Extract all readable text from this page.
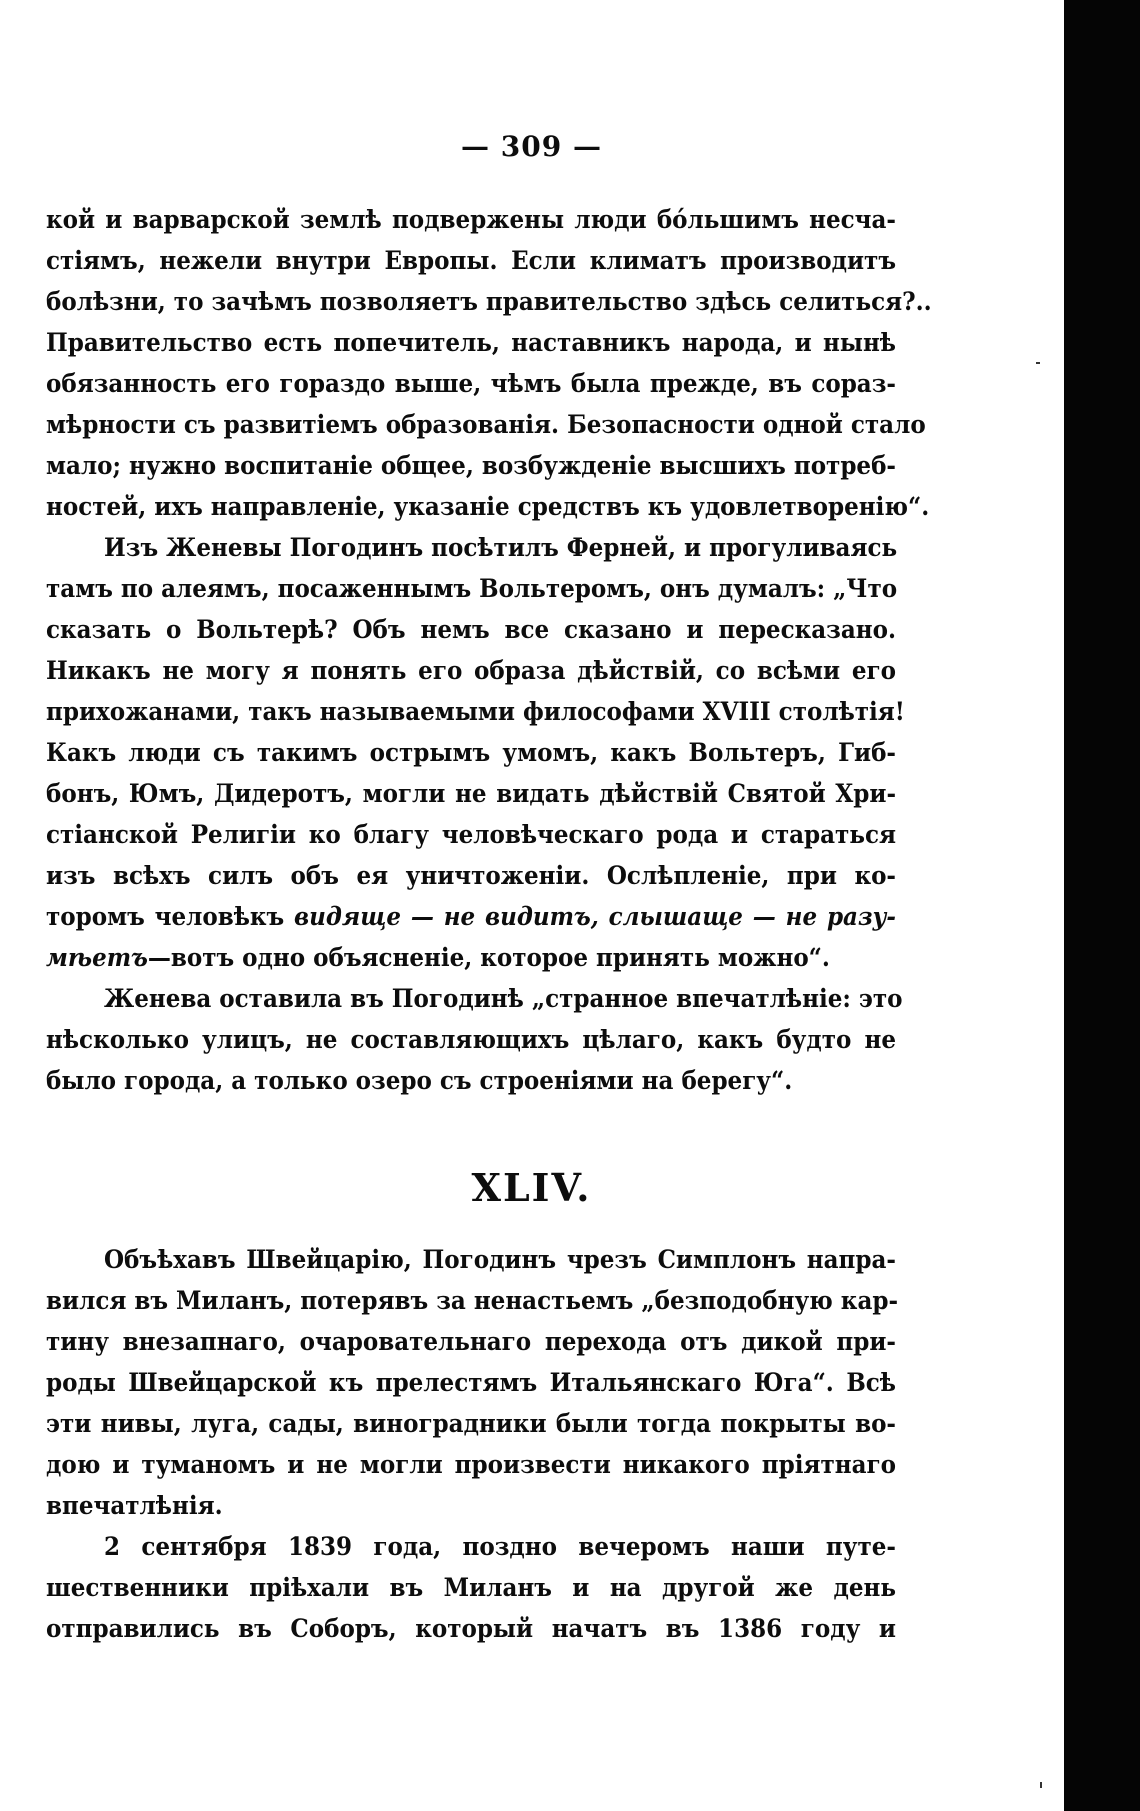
— 309 —
кой и варварской землѣ подвержены люди бо́льшимъ несча-
стіямъ, нежели внутри Европы. Если климатъ производитъ
болѣзни, то зачѣмъ позволяетъ правительство здѣсь селиться?..
Правительство есть попечитель, наставникъ народа, и нынѣ
обязанность его гораздо выше, чѣмъ была прежде, въ сораз-
мѣрности съ развитіемъ образованія. Безопасности одной стало
мало; нужно воспитаніе общее, возбужденіе высшихъ потреб-
ностей, ихъ направленіе, указаніе средствъ къ удовлетворенію“.
Изъ Женевы Погодинъ посѣтилъ Ферней, и прогуливаясь
тамъ по алеямъ, посаженнымъ Вольтеромъ, онъ думалъ: „Что
сказать о Вольтерѣ? Объ немъ все сказано и пересказано.
Никакъ не могу я понять его образа дѣйствій, со всѣми его
прихожанами, такъ называемыми философами XVIII столѣтія!
Какъ люди съ такимъ острымъ умомъ, какъ Вольтеръ, Гиб-
бонъ, Юмъ, Дидеротъ, могли не видать дѣйствій Святой Хри-
стіанской Религіи ко благу человѣческаго рода и стараться
изъ всѣхъ силъ объ ея уничтоженіи. Ослѣпленіе, при ко-
торомъ человѣкъ видяще — не видитъ, слышаще — не разу-
мѣетъ—вотъ одно объясненіе, которое принять можно“.
Женева оставила въ Погодинѣ „странное впечатлѣніе: это
нѣсколько улицъ, не составляющихъ цѣлаго, какъ будто не
было города, а только озеро съ строеніями на берегу“.
XLIV.
Объѣхавъ Швейцарію, Погодинъ чрезъ Симплонъ напра-
вился въ Миланъ, потерявъ за ненастьемъ „безподобную кар-
тину внезапнаго, очаровательнаго перехода отъ дикой при-
роды Швейцарской къ прелестямъ Итальянскаго Юга“. Всѣ
эти нивы, луга, сады, виноградники были тогда покрыты во-
дою и туманомъ и не могли произвести никакого пріятнаго
впечатлѣнія.
2 сентября 1839 года, поздно вечеромъ наши путе-
шественники пріѣхали въ Миланъ и на другой же день
отправились въ Соборъ, который начатъ въ 1386 году и
